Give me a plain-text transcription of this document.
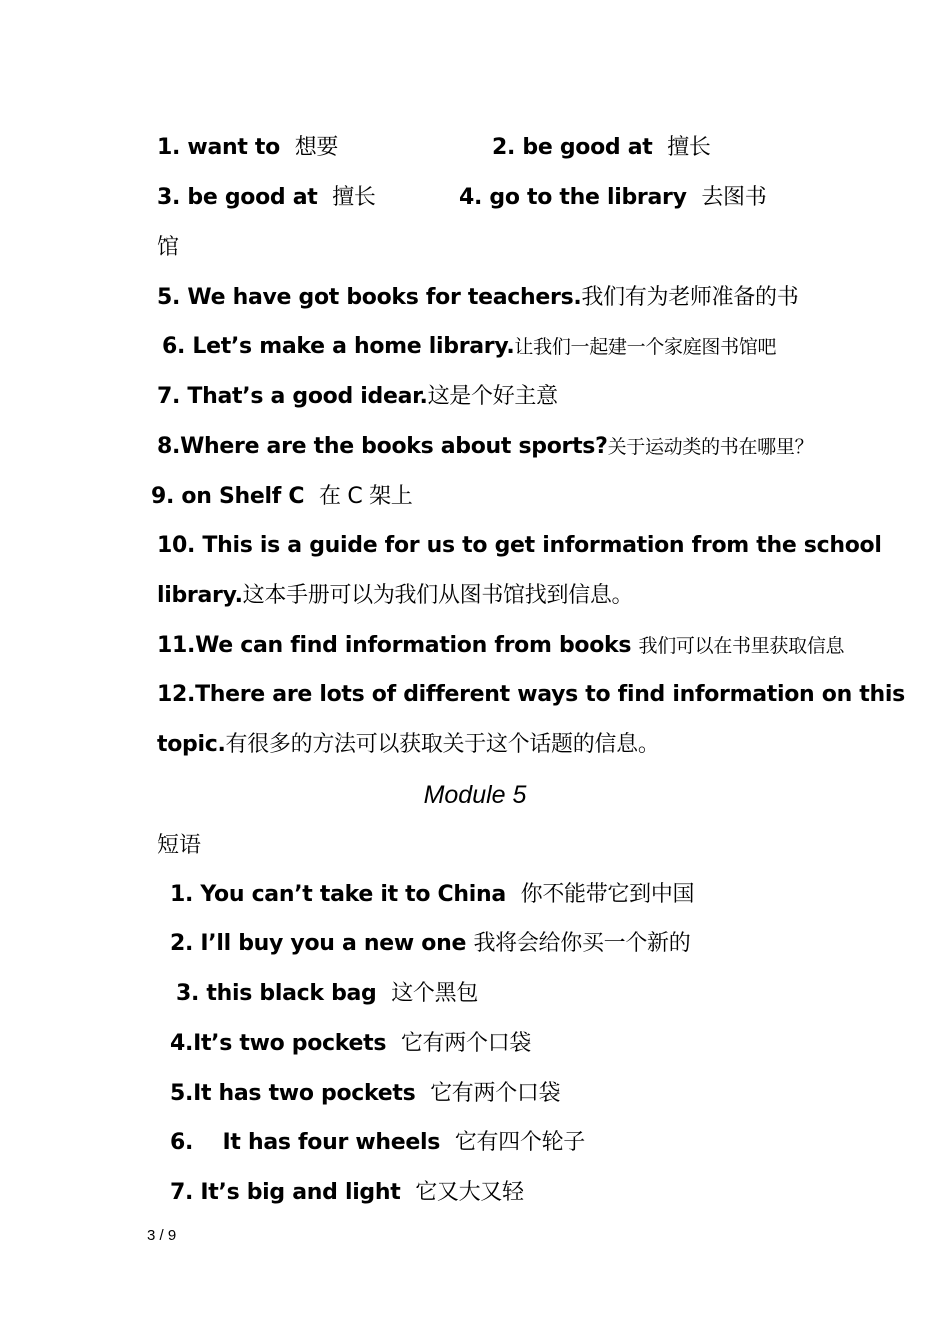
1. want to 想要	2. be good at 擅长
3. be good at 擅长	4. go to the library 去图书
馆
5. We have got books for teachers.我们有为老师准备的书
6. Let’s make a home library.让我们一起建一个家庭图书馆吧
7. That’s a good idear.这是个好主意
8.Where are the books about sports?关于运动类的书在哪里？
9. on Shelf C 在 C 架上
10. This is a guide for us to get information from the school
library.这本手册可以为我们从图书馆找到信息。
11.We can find information from books 我们可以在书里获取信息
12.There are lots of different ways to find information on this
topic.有很多的方法可以获取关于这个话题的信息。
Module 5
短语
1. You can’t take it to China 你不能带它到中国
2. I’ll buy you a new one 我将会给你买一个新的
3. this black bag 这个黑包
4.It’s two pockets 它有两个口袋
5.It has two pockets 它有两个口袋
6.    It has four wheels 它有四个轮子
7. It’s big and light 它又大又轻
3 / 9
